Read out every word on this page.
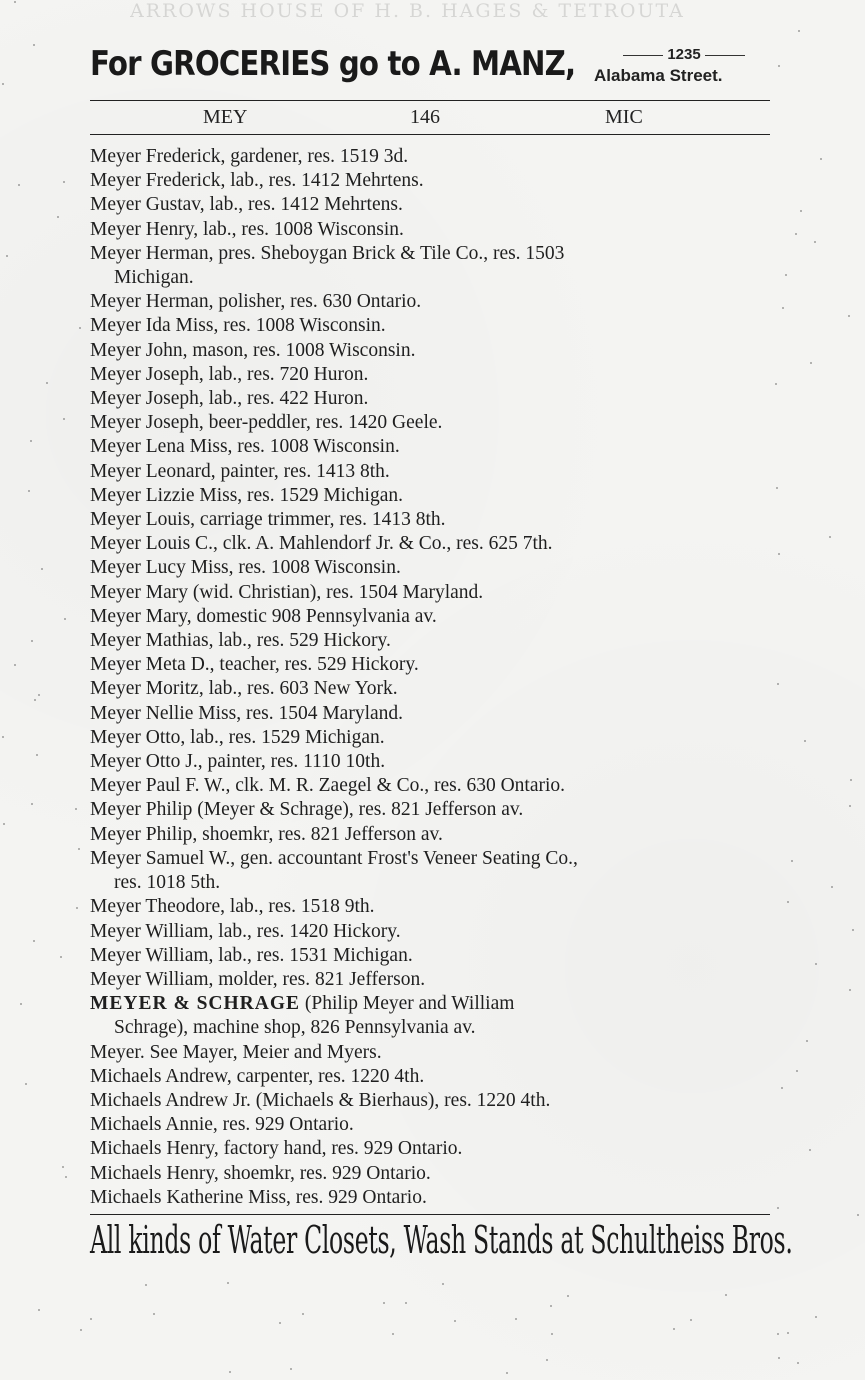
ARROWS HOUSE OF H. B. HAGES & TETROUTA
For GROCERIES go to A. MANZ,	1235
Alabama Street.
MEY	146	MIC
Meyer Frederick, gardener, res. 1519 3d.
Meyer Frederick, lab., res. 1412 Mehrtens.
Meyer Gustav, lab., res. 1412 Mehrtens.
Meyer Henry, lab., res. 1008 Wisconsin.
Meyer Herman, pres. Sheboygan Brick & Tile Co., res. 1503
Michigan.
Meyer Herman, polisher, res. 630 Ontario.
Meyer Ida Miss, res. 1008 Wisconsin.
Meyer John, mason, res. 1008 Wisconsin.
Meyer Joseph, lab., res. 720 Huron.
Meyer Joseph, lab., res. 422 Huron.
Meyer Joseph, beer-peddler, res. 1420 Geele.
Meyer Lena Miss, res. 1008 Wisconsin.
Meyer Leonard, painter, res. 1413 8th.
Meyer Lizzie Miss, res. 1529 Michigan.
Meyer Louis, carriage trimmer, res. 1413 8th.
Meyer Louis C., clk. A. Mahlendorf Jr. & Co., res. 625 7th.
Meyer Lucy Miss, res. 1008 Wisconsin.
Meyer Mary (wid. Christian), res. 1504 Maryland.
Meyer Mary, domestic 908 Pennsylvania av.
Meyer Mathias, lab., res. 529 Hickory.
Meyer Meta D., teacher, res. 529 Hickory.
Meyer Moritz, lab., res. 603 New York.
Meyer Nellie Miss, res. 1504 Maryland.
Meyer Otto, lab., res. 1529 Michigan.
Meyer Otto J., painter, res. 1110 10th.
Meyer Paul F. W., clk. M. R. Zaegel & Co., res. 630 Ontario.
Meyer Philip (Meyer & Schrage), res. 821 Jefferson av.
Meyer Philip, shoemkr, res. 821 Jefferson av.
Meyer Samuel W., gen. accountant Frost's Veneer Seating Co.,
res. 1018 5th.
Meyer Theodore, lab., res. 1518 9th.
Meyer William, lab., res. 1420 Hickory.
Meyer William, lab., res. 1531 Michigan.
Meyer William, molder, res. 821 Jefferson.
MEYER & SCHRAGE (Philip Meyer and William
Schrage), machine shop, 826 Pennsylvania av.
Meyer. See Mayer, Meier and Myers.
Michaels Andrew, carpenter, res. 1220 4th.
Michaels Andrew Jr. (Michaels & Bierhaus), res. 1220 4th.
Michaels Annie, res. 929 Ontario.
Michaels Henry, factory hand, res. 929 Ontario.
Michaels Henry, shoemkr, res. 929 Ontario.
Michaels Katherine Miss, res. 929 Ontario.
All kinds of Water Closets, Wash Stands at Schultheiss Bros.
